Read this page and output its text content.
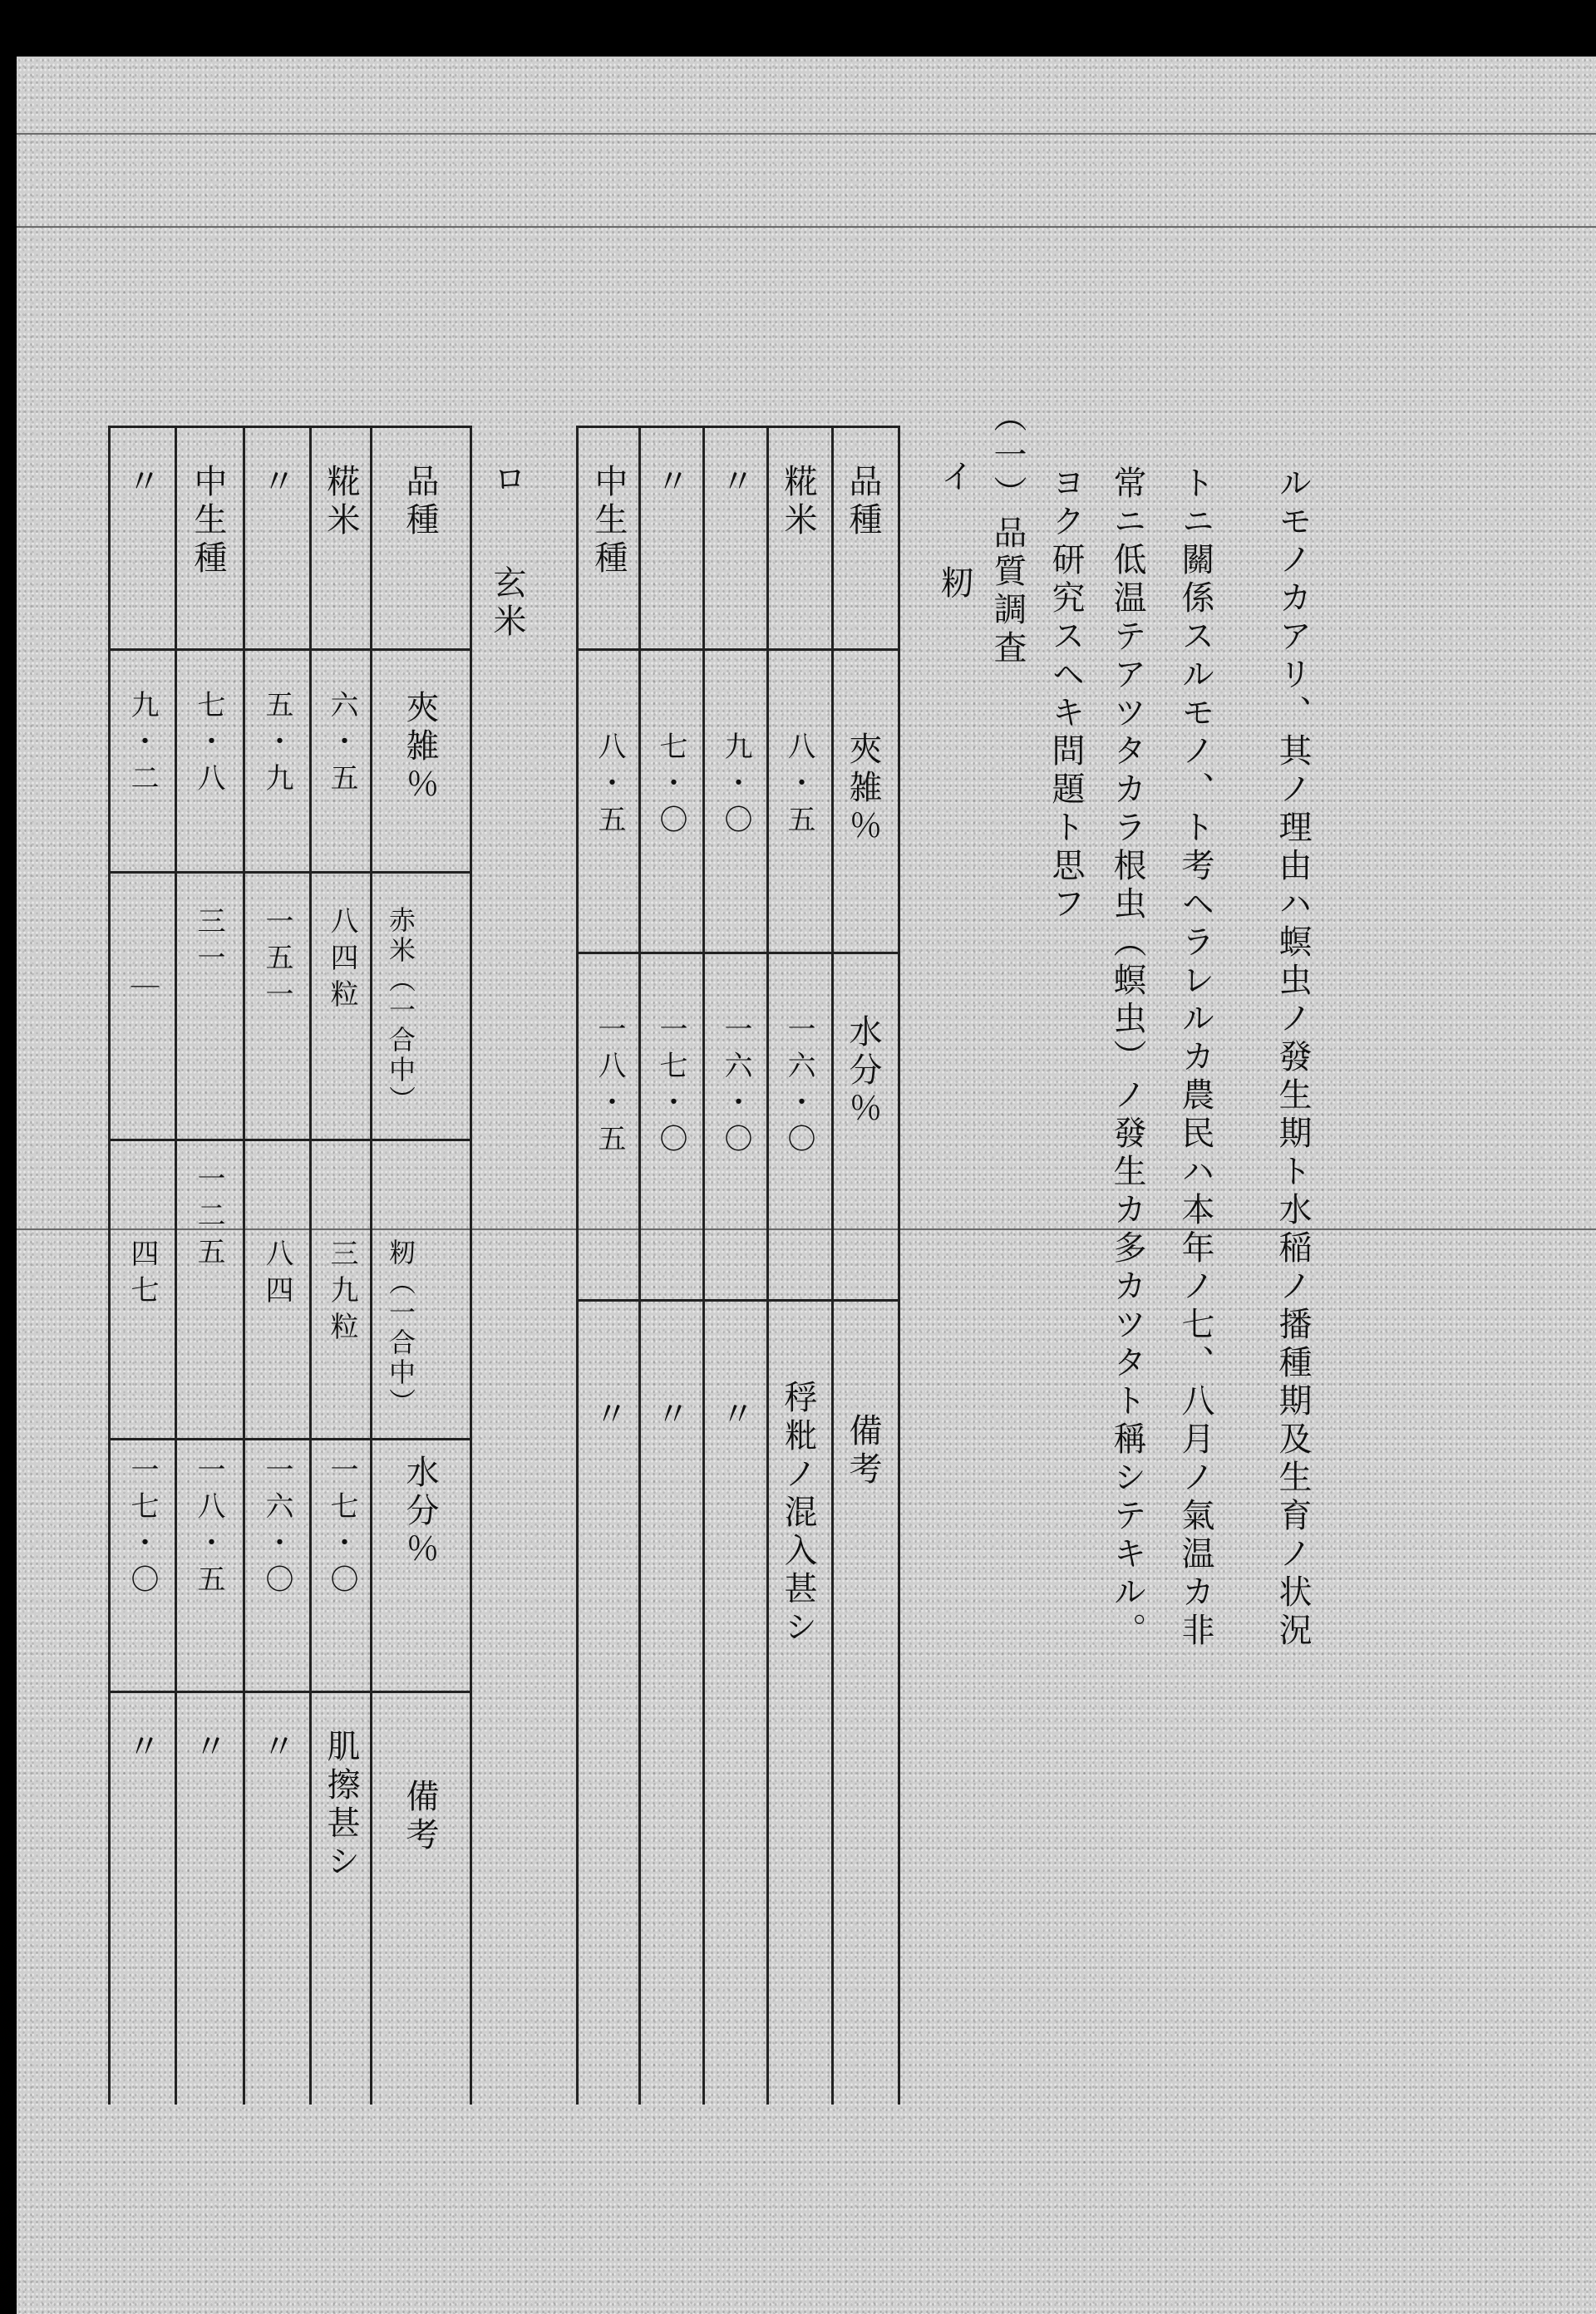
ルモノカアリ、其ノ理由ハ螟虫ノ發生期ト水稲ノ播種期及生育ノ状況
トニ關係スルモノ、ト考ヘラレルカ農民ハ本年ノ七、八月ノ氣温カ非
常ニ低温テアツタカラ根虫（螟虫）ノ發生カ多カツタト稱シテキル。
ヨク研究スヘキ問題ト思フ
（一）
品質調査
イ
籾
品種
夾雑％
水分％
備考
糀米
八・五
一六・〇
稃粃ノ混入甚シ
〃
九・〇
一六・〇
〃
〃
七・〇
一七・〇
〃
中生種
八・五
一八・五
〃
ロ
玄米
品種
夾雑％
赤米（一合中）
籾（一合中）
水分％
備考
糀米
六・五
八四粒
三九粒
一七・〇
肌擦甚シ
〃
五・九
一五一
八四
一六・〇
〃
中生種
七・八
三一
一二五
一八・五
〃
〃
九・二
｜
四七
一七・〇
〃
